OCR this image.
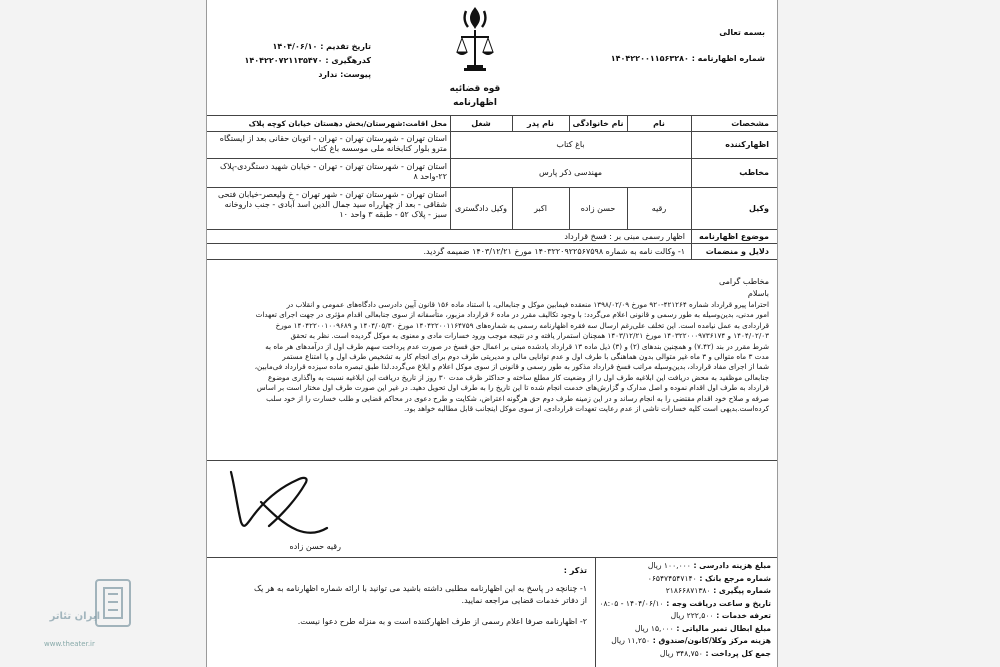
بسمه تعالی
شماره اظهارنامه : ۱۴۰۴۲۲۰۰۱۱۵۶۳۲۸۰
تاریخ تقدیم : ۱۴۰۴/۰۶/۱۰
کدرهگیری : ۱۴۰۴۲۲۰۷۲۱۱۳۵۴۷۰
پیوست: ندارد
قوه قضائیه
اظهارنامه
مشخصات
نام
نام خانوادگی
نام پدر
شغل
محل اقامت:شهرستان/بخش دهستان خیابان کوچه پلاک
اظهارکننده
باغ کتاب
استان تهران - شهرستان تهران - تهران - اتوبان حقانی بعد از ایستگاه مترو بلوار کتابخانه ملی موسسه باغ کتاب
مخاطب
مهندسی ذکر پارس
استان تهران - شهرستان تهران - تهران - خیابان شهید دستگردی-پلاک ۲۲-واحد ۸
وکیل
رقیه
حسن زاده
اکبر
وکیل دادگستری
استان تهران - شهرستان تهران - شهر تهران - خ ولیعصر-خیابان فتحی شقاقی - بعد از چهارراه سید جمال الدین اسد آبادی - جنب داروخانه سبز - پلاک ۵۲ - طبقه ۳ واحد ۱۰
موضوع اظهارنامه
اظهار رسمی مبنی بر : فسخ قرارداد
دلایل و منضمات
۱- وکالت نامه به شماره ۱۴۰۳۲۲۰۹۲۲۵۶۷۵۹۸ مورخ ۱۴۰۳/۱۲/۲۱ ضمیمه گردید.
مخاطب گرامی
باسلام
احتراما پیرو قرارداد شماره ۴۲۱۲۶۴-۹۲۰ مورخ ۱۳۹۸/۰۲/۰۹ منعقده فیمابین موکل و جنابعالی، با استناد ماده ۱۵۶ قانون آیین دادرسی دادگاه‌های عمومی و انقلاب در
امور مدنی، بدین‌وسیله به طور رسمی و قانونی اعلام می‌گردد: با وجود تکالیف مقرر در ماده ۶ قرارداد مزبور، متأسفانه از سوی جنابعالی اقدام مؤثری در جهت اجرای تعهدات
قراردادی به عمل نیامده است. این تخلف علی‌رغم ارسال سه فقره اظهارنامه رسمی به شماره‌های ۱۴۰۴۲۲۰۰۱۱۶۴۷۵۹ مورخ ۱۴۰۴/۰۵/۳۰ و ۱۴۰۴۲۲۰۰۱۰۰۹۶۸۹ مورخ
۱۴۰۴/۰۲/۰۳ و ۱۴۰۳۲۲۰۰۰۹۷۳۶۱۷۴ مورخ ۱۴۰۳/۱۲/۲۱ همچنان استمرار یافته و در نتیجه موجب ورود خسارات مادی و معنوی به موکل گردیده است. نظر به تحقق
شرط مقرر در بند (۷.۴۲) و همچنین بندهای (۲) و (۳) ذیل ماده ۱۳ قرارداد یادشده مبنی بر اعمال حق فسخ در صورت عدم پرداخت سهم طرف اول از درآمدهای هر ماه به
مدت ۳ ماه متوالی و ۳ ماه غیر متوالی بدون هماهنگی با طرف اول و عدم توانایی مالی و مدیریتی طرف دوم برای انجام کار به تشخیص طرف اول و یا امتناع مستمر
شما از اجرای مفاد قرارداد، بدین‌وسیله مراتب فسخ قرارداد مذکور به طور رسمی و قانونی از سوی موکل اعلام و ابلاغ می‌گردد.لذا طبق تبصره ماده سیزده قرارداد فی‌مابین،
جنابعالی موظفید به محض دریافت این ابلاغیه طرف اول را از وضعیت کار مطلع ساخته و حداکثر ظرف مدت ۳۰ روز از تاریخ دریافت این ابلاغیه نسبت به واگذاری موضوع
قرارداد به طرف اول اقدام نموده و اصل مدارک و گزارش‌های خدمت انجام شده تا این تاریخ را به طرف اول تحویل دهید. در غیر این صورت طرف اول مختار است بر اساس
صرفه و صلاح خود اقدام مقتضی را به انجام رساند و در این زمینه طرف دوم حق هرگونه اعتراض، شکایت و طرح دعوی در محاکم قضایی و طلب خسارت را از خود سلب
کرده‌است.بدیهی است کلیه خسارات ناشی از عدم رعایت تعهدات قراردادی، از سوی موکل اینجانب قابل مطالبه خواهد بود.
رقیه حسن زاده
مبلغ هزینه دادرسی : ۱۰۰,۰۰۰ ریال
شماره مرجع بانک : ۰۶۵۴۷۴۵۴۷۱۴۰
شماره پیگیری : ۲۱۸۶۶۸۷۱۳۸۰
تاریخ و ساعت دریافت وجه : ۱۴۰۴/۰۶/۱۰ - ۰۸:۰۵
تعرفه خدمات : ۲۲۲,۵۰۰ ریال
مبلغ ابطال تمبر مالیاتی : ۱۵,۰۰۰ ریال
هزینه مرکز وکلا/کانون/صندوق : ۱۱,۲۵۰ ریال
جمع کل پرداخت : ۳۴۸,۷۵۰ ریال
تذکر :
۱- چنانچه در پاسخ به این اظهارنامه مطلبی داشته باشید می توانید با ارائه شماره اظهارنامه به هر یک
از دفاتر خدمات قضایی مراجعه نمایید.
۲- اظهارنامه صرفا اعلام رسمی از طرف اظهارکننده است و به منزله طرح دعوا نیست.
ایران تئاتر
www.theater.ir
